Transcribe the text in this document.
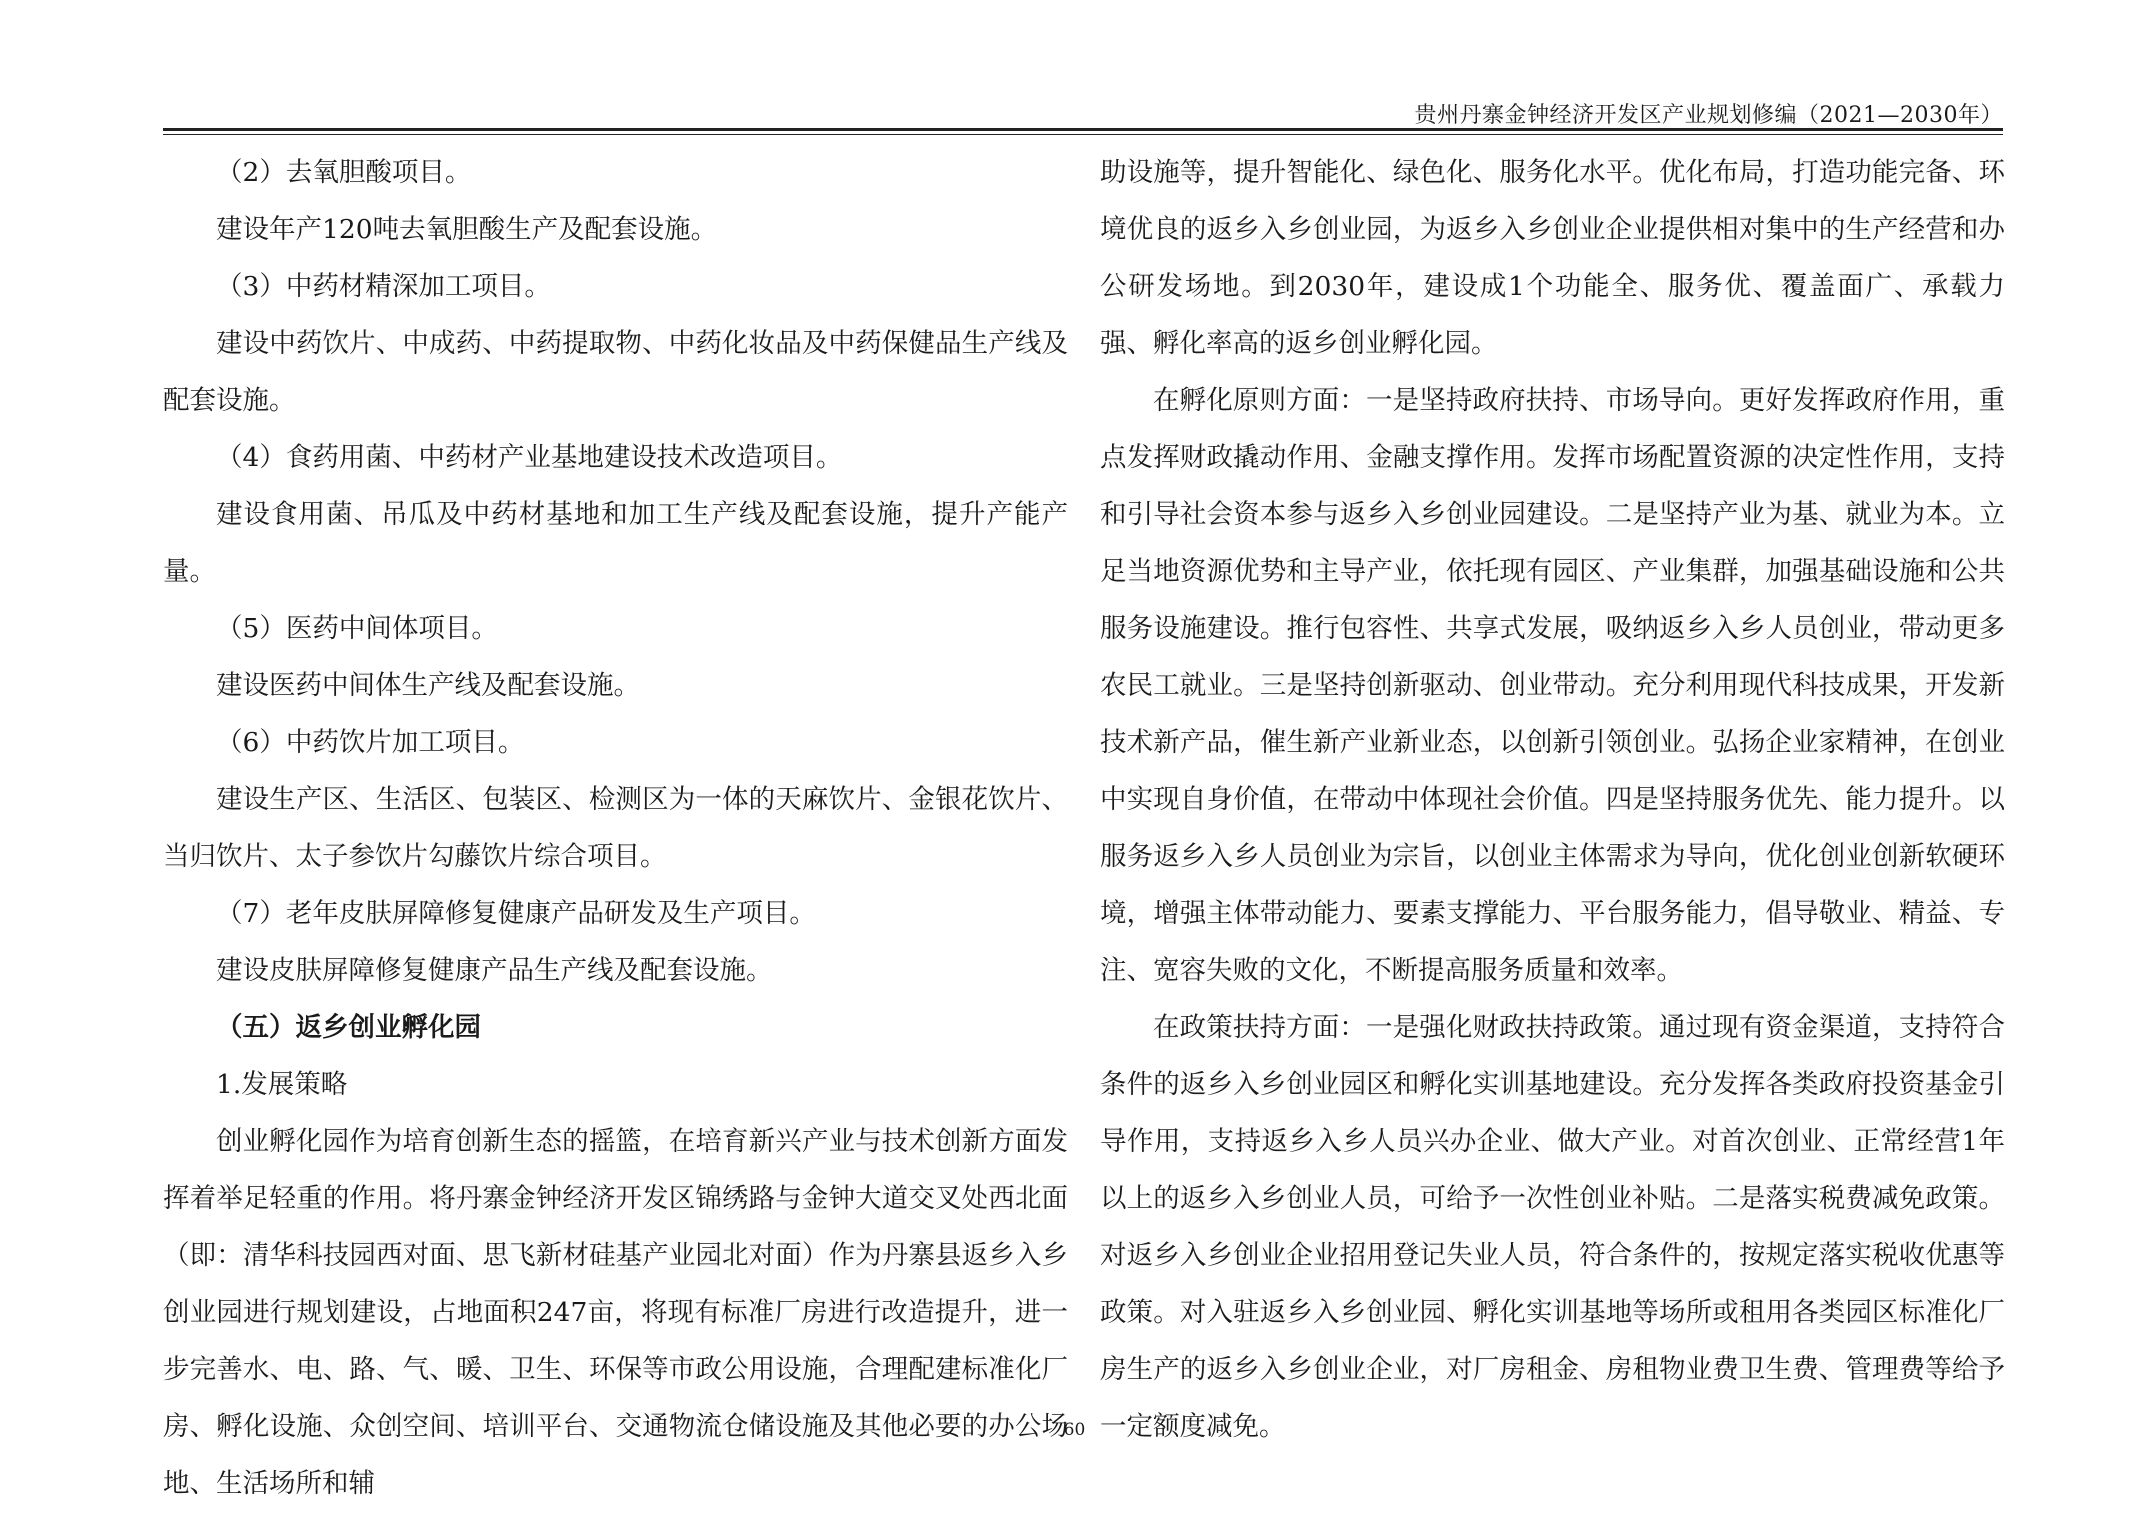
贵州丹寨金钟经济开发区产业规划修编（2021—2030年）

（2）去氧胆酸项目。

建设年产120吨去氧胆酸生产及配套设施。

（3）中药材精深加工项目。

建设中药饮片、中成药、中药提取物、中药化妆品及中药保健品生产线及配套设施。

（4）食药用菌、中药材产业基地建设技术改造项目。

建设食用菌、吊瓜及中药材基地和加工生产线及配套设施，提升产能产量。

（5）医药中间体项目。

建设医药中间体生产线及配套设施。

（6）中药饮片加工项目。

建设生产区、生活区、包装区、检测区为一体的天麻饮片、金银花饮片、当归饮片、太子参饮片勾藤饮片综合项目。

（7）老年皮肤屏障修复健康产品研发及生产项目。

建设皮肤屏障修复健康产品生产线及配套设施。

（五）返乡创业孵化园

1.发展策略

创业孵化园作为培育创新生态的摇篮，在培育新兴产业与技术创新方面发挥着举足轻重的作用。将丹寨金钟经济开发区锦绣路与金钟大道交叉处西北面（即：清华科技园西对面、思飞新材硅基产业园北对面）作为丹寨县返乡入乡创业园进行规划建设，占地面积247亩，将现有标准厂房进行改造提升，进一步完善水、电、路、气、暖、卫生、环保等市政公用设施，合理配建标准化厂房、孵化设施、众创空间、培训平台、交通物流仓储设施及其他必要的办公场地、生活场所和辅

助设施等，提升智能化、绿色化、服务化水平。优化布局，打造功能完备、环境优良的返乡入乡创业园，为返乡入乡创业企业提供相对集中的生产经营和办公研发场地。到2030年，建设成1个功能全、服务优、覆盖面广、承载力强、孵化率高的返乡创业孵化园。

在孵化原则方面：一是坚持政府扶持、市场导向。更好发挥政府作用，重点发挥财政撬动作用、金融支撑作用。发挥市场配置资源的决定性作用，支持和引导社会资本参与返乡入乡创业园建设。二是坚持产业为基、就业为本。立足当地资源优势和主导产业，依托现有园区、产业集群，加强基础设施和公共服务设施建设。推行包容性、共享式发展，吸纳返乡入乡人员创业，带动更多农民工就业。三是坚持创新驱动、创业带动。充分利用现代科技成果，开发新技术新产品，催生新产业新业态，以创新引领创业。弘扬企业家精神，在创业中实现自身价值，在带动中体现社会价值。四是坚持服务优先、能力提升。以服务返乡入乡人员创业为宗旨，以创业主体需求为导向，优化创业创新软硬环境，增强主体带动能力、要素支撑能力、平台服务能力，倡导敬业、精益、专注、宽容失败的文化，不断提高服务质量和效率。

在政策扶持方面：一是强化财政扶持政策。通过现有资金渠道，支持符合条件的返乡入乡创业园区和孵化实训基地建设。充分发挥各类政府投资基金引导作用，支持返乡入乡人员兴办企业、做大产业。对首次创业、正常经营1年以上的返乡入乡创业人员，可给予一次性创业补贴。二是落实税费减免政策。对返乡入乡创业企业招用登记失业人员，符合条件的，按规定落实税收优惠等政策。对入驻返乡入乡创业园、孵化实训基地等场所或租用各类园区标准化厂房生产的返乡入乡创业企业，对厂房租金、房租物业费卫生费、管理费等给予一定额度减免。

60
